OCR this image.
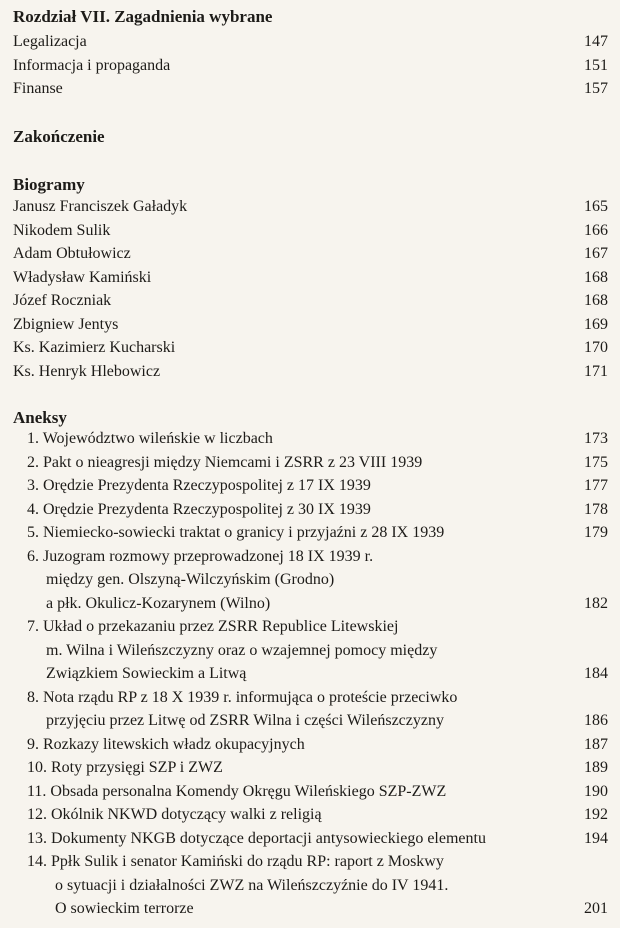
Rozdział VII. Zagadnienia wybrane
Legalizacja	147
Informacja i propaganda	151
Finanse	157
Zakończenie
Biogramy
Janusz Franciszek Gaładyk	165
Nikodem Sulik	166
Adam Obtułowicz	167
Władysław Kamiński	168
Józef Roczniak	168
Zbigniew Jentys	169
Ks. Kazimierz Kucharski	170
Ks. Henryk Hlebowicz	171
Aneksy
1. Województwo wileńskie w liczbach	173
2. Pakt o nieagresji między Niemcami i ZSRR z 23 VIII 1939	175
3. Orędzie Prezydenta Rzeczypospolitej z 17 IX 1939	177
4. Orędzie Prezydenta Rzeczypospolitej z 30 IX 1939	178
5. Niemiecko-sowiecki traktat o granicy i przyjaźni z 28 IX 1939	179
6. Juzogram rozmowy przeprowadzonej 18 IX 1939 r.
między gen. Olszyną-Wilczyńskim (Grodno)
a płk. Okulicz-Kozarynem (Wilno)	182
7. Układ o przekazaniu przez ZSRR Republice Litewskiej
m. Wilna i Wileńszczyzny oraz o wzajemnej pomocy między
Związkiem Sowieckim a Litwą	184
8. Nota rządu RP z 18 X 1939 r. informująca o proteście przeciwko
przyjęciu przez Litwę od ZSRR Wilna i części Wileńszczyzny	186
9. Rozkazy litewskich władz okupacyjnych	187
10. Roty przysięgi SZP i ZWZ	189
11. Obsada personalna Komendy Okręgu Wileńskiego SZP-ZWZ	190
12. Okólnik NKWD dotyczący walki z religią	192
13. Dokumenty NKGB dotyczące deportacji antysowieckiego elementu	194
14. Ppłk Sulik i senator Kamiński do rządu RP: raport z Moskwy
o sytuacji i działalności ZWZ na Wileńszczyźnie do IV 1941.
O sowieckim terrorze	201
